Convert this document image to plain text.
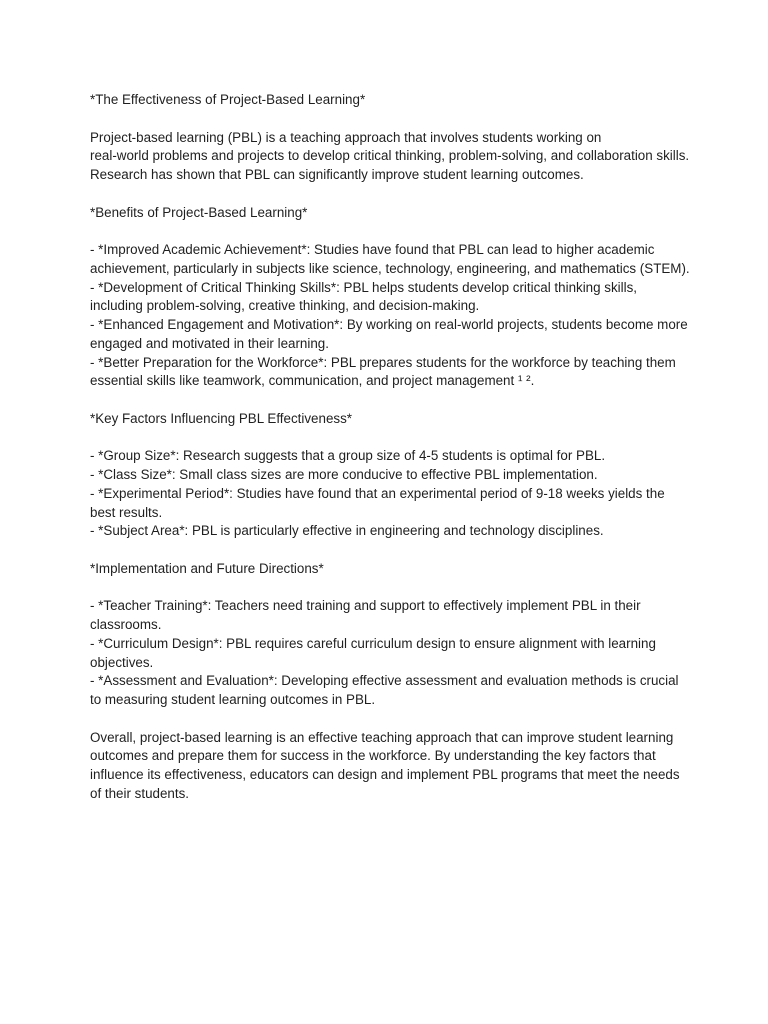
*The Effectiveness of Project-Based Learning*

Project-based learning (PBL) is a teaching approach that involves students working on
real-world problems and projects to develop critical thinking, problem-solving, and collaboration skills. Research has shown that PBL can significantly improve student learning outcomes.

*Benefits of Project-Based Learning*

- *Improved Academic Achievement*: Studies have found that PBL can lead to higher academic achievement, particularly in subjects like science, technology, engineering, and mathematics (STEM).

- *Development of Critical Thinking Skills*: PBL helps students develop critical thinking skills, including problem-solving, creative thinking, and decision-making.

- *Enhanced Engagement and Motivation*: By working on real-world projects, students become more engaged and motivated in their learning.

- *Better Preparation for the Workforce*: PBL prepares students for the workforce by teaching them essential skills like teamwork, communication, and project management ¹ ².

*Key Factors Influencing PBL Effectiveness*

- *Group Size*: Research suggests that a group size of 4-5 students is optimal for PBL.

- *Class Size*: Small class sizes are more conducive to effective PBL implementation.

- *Experimental Period*: Studies have found that an experimental period of 9-18 weeks yields the best results.

- *Subject Area*: PBL is particularly effective in engineering and technology disciplines.

*Implementation and Future Directions*

- *Teacher Training*: Teachers need training and support to effectively implement PBL in their classrooms.

- *Curriculum Design*: PBL requires careful curriculum design to ensure alignment with learning objectives.

- *Assessment and Evaluation*: Developing effective assessment and evaluation methods is crucial to measuring student learning outcomes in PBL.

Overall, project-based learning is an effective teaching approach that can improve student learning outcomes and prepare them for success in the workforce. By understanding the key factors that influence its effectiveness, educators can design and implement PBL programs that meet the needs of their students.
